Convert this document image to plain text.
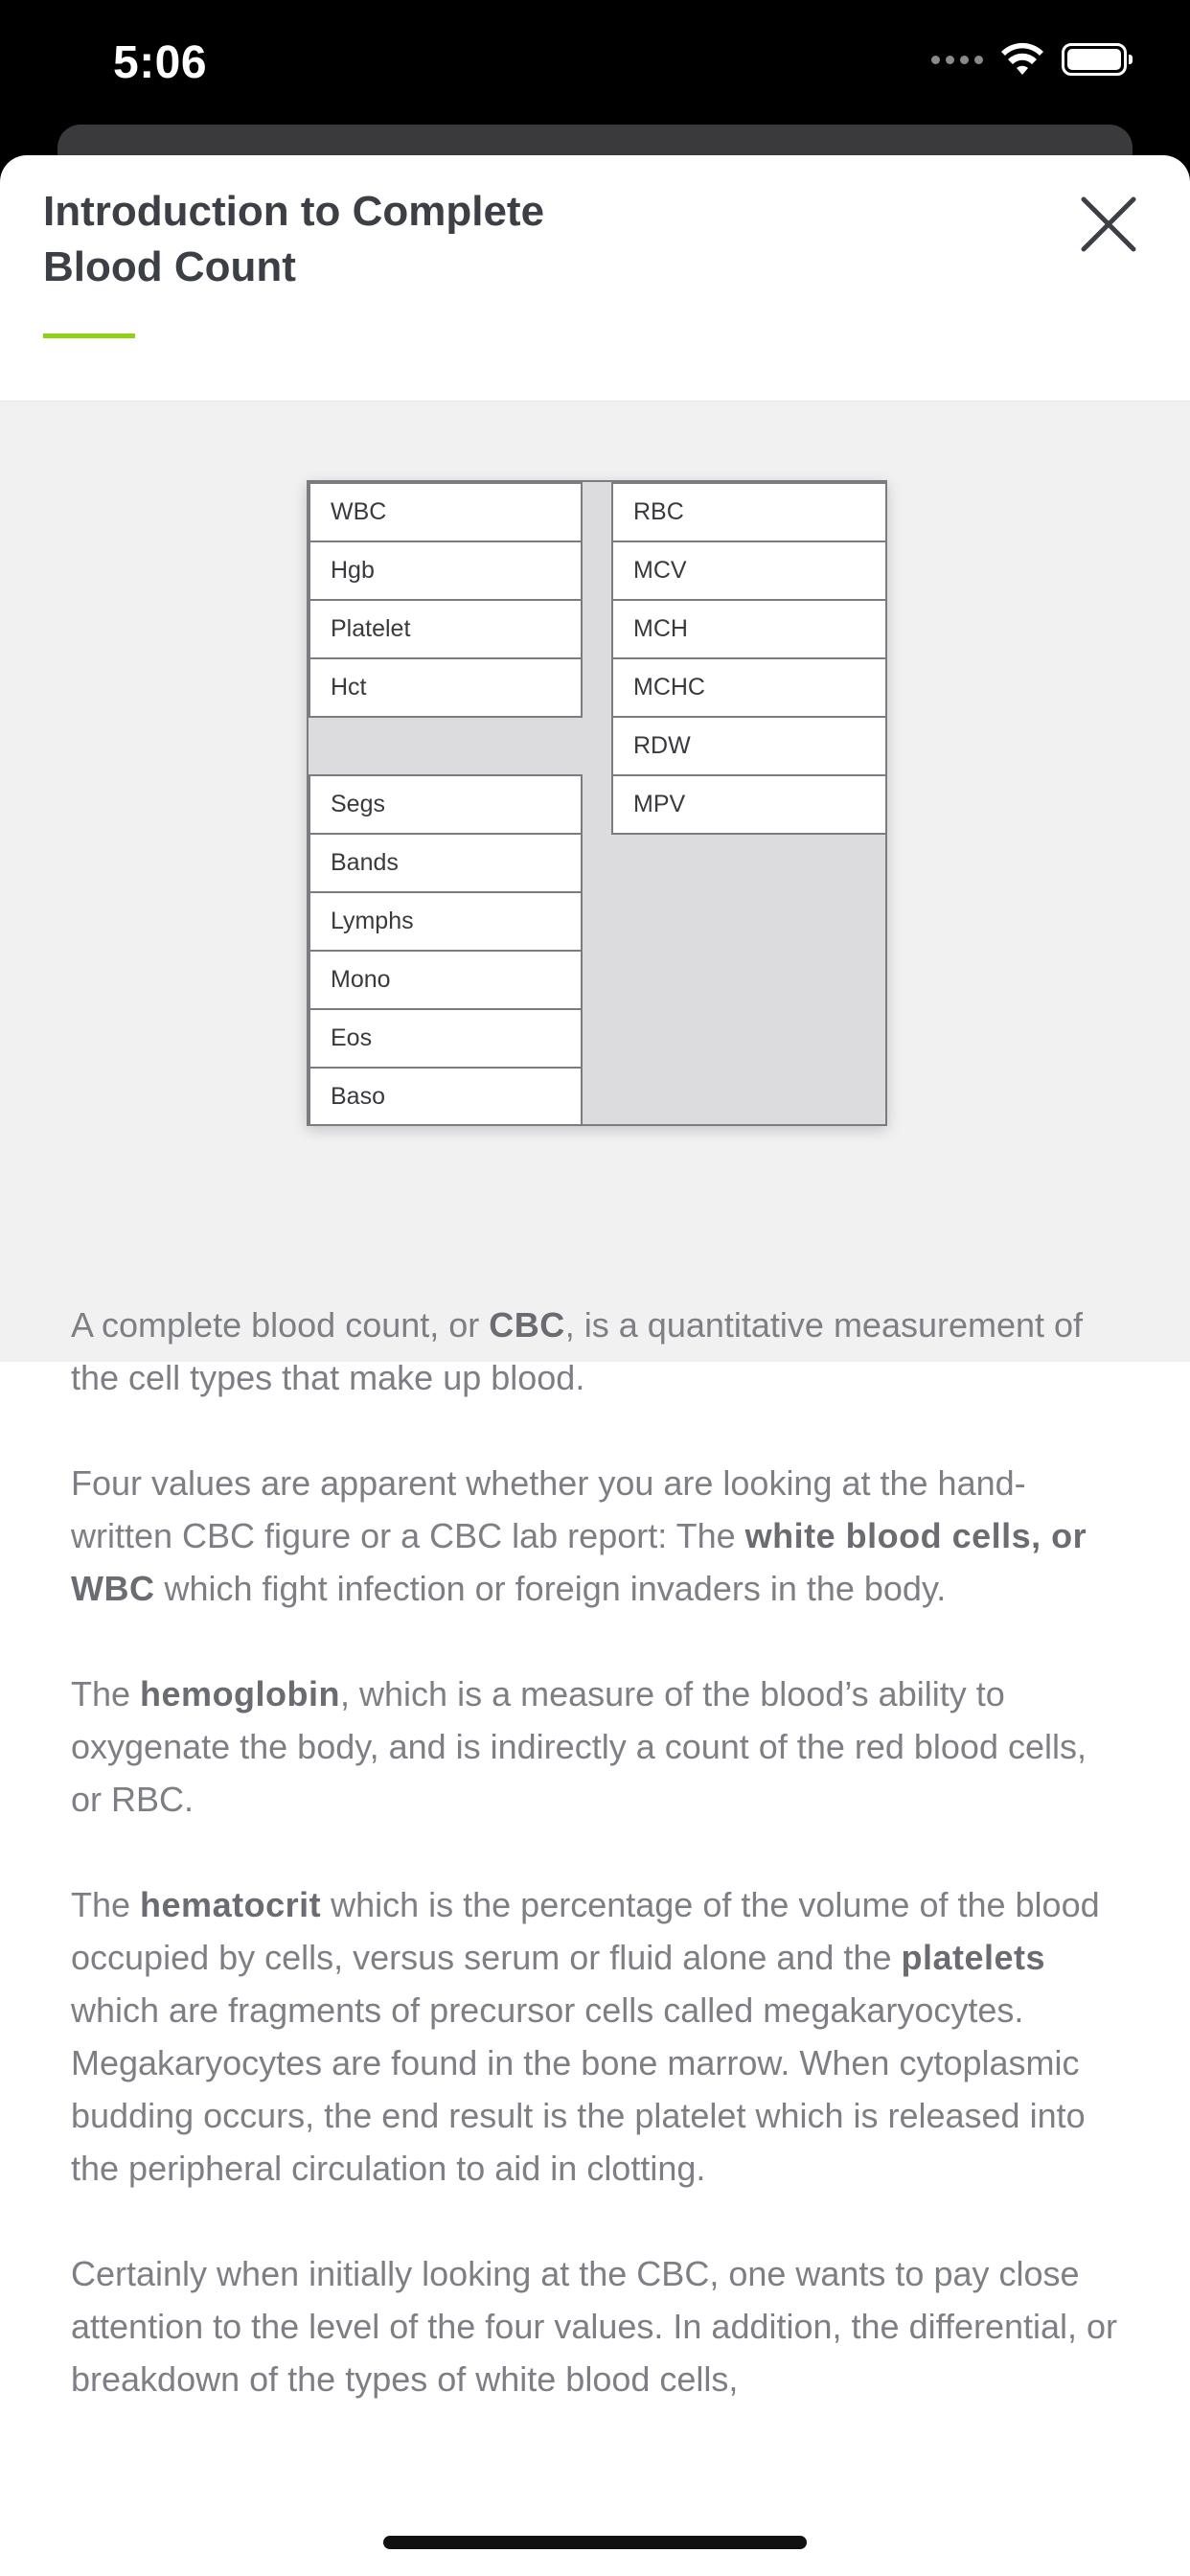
5:06
Introduction to Complete Blood Count
WBC
Hgb
Platelet
Hct
Segs
Bands
Lymphs
Mono
Eos
Baso
RBC
MCV
MCH
MCHC
RDW
MPV

A complete blood count, or CBC, is a quantitative measurement of the cell types that make up blood.

Four values are apparent whether you are looking at the hand-written CBC figure or a CBC lab report: The white blood cells, or WBC which fight infection or foreign invaders in the body.

The hemoglobin, which is a measure of the blood’s ability to oxygenate the body, and is indirectly a count of the red blood cells, or RBC.

The hematocrit which is the percentage of the volume of the blood occupied by cells, versus serum or fluid alone and the platelets which are fragments of precursor cells called megakaryocytes. Megakaryocytes are found in the bone marrow. When cytoplasmic budding occurs, the end result is the platelet which is released into the peripheral circulation to aid in clotting.

Certainly when initially looking at the CBC, one wants to pay close attention to the level of the four values. In addition, the differential, or breakdown of the types of white blood cells,
